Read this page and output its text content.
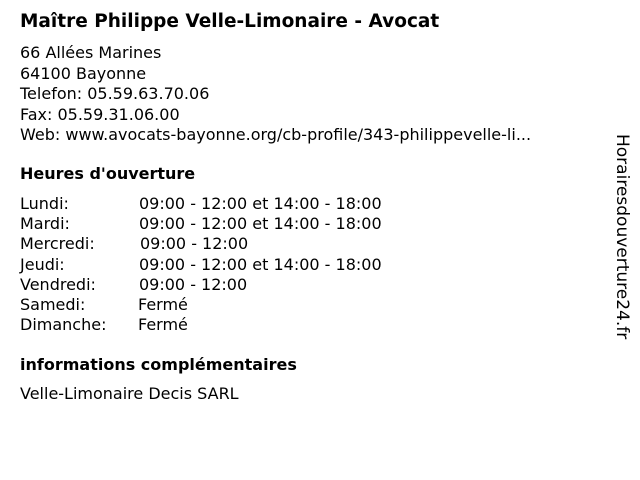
Maître Philippe Velle-Limonaire - Avocat
66 Allées Marines
64100 Bayonne
Telefon: 05.59.63.70.06
Fax: 05.59.31.06.00
Web: www.avocats-bayonne.org/cb-profile/343-philippevelle-li...
Heures d'ouverture
Lundi:	09:00 - 12:00 et 14:00 - 18:00
Mardi:	09:00 - 12:00 et 14:00 - 18:00
Mercredi:	09:00 - 12:00
Jeudi:	09:00 - 12:00 et 14:00 - 18:00
Vendredi:	09:00 - 12:00
Samedi:	Fermé
Dimanche: Fermé
informations complémentaires
Velle-Limonaire Decis SARL
Horairesdouverture24.fr
